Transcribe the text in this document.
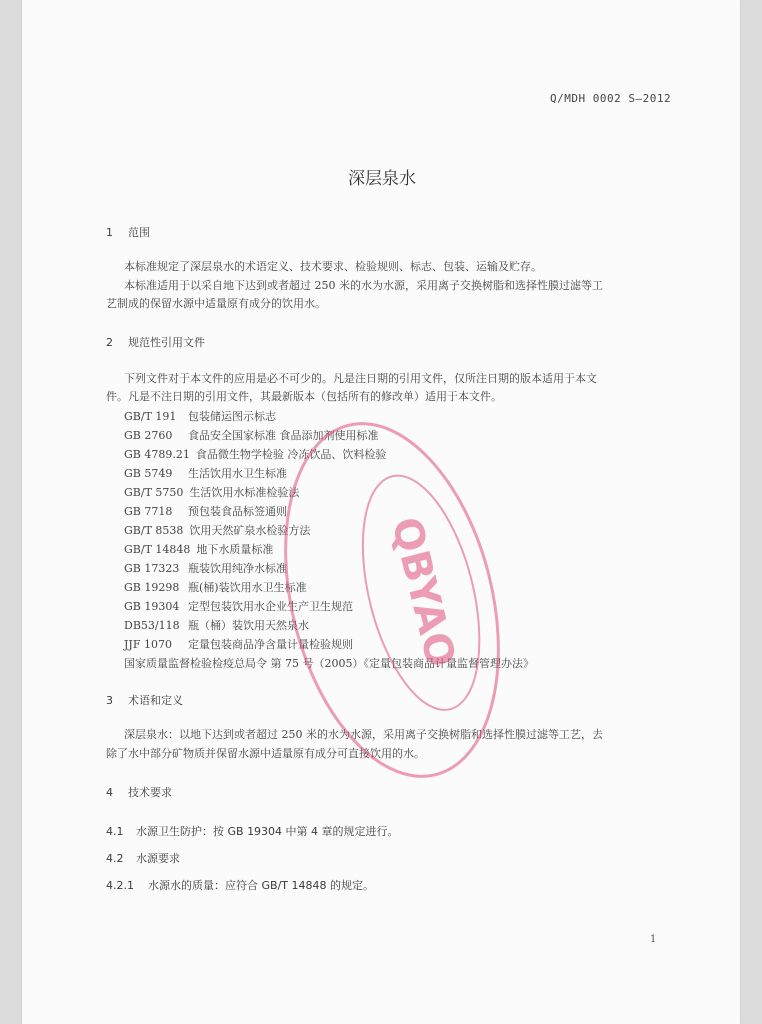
Q/MDH 0002 S—2012
深层泉水
1 范围
本标准规定了深层泉水的术语定义、技术要求、检验规则、标志、包装、运输及贮存。
本标准适用于以采自地下达到或者超过 250 米的水为水源，采用离子交换树脂和选择性膜过滤等工
艺制成的保留水源中适量原有成分的饮用水。
2 规范性引用文件
下列文件对于本文件的应用是必不可少的。凡是注日期的引用文件，仅所注日期的版本适用于本文
件。凡是不注日期的引用文件，其最新版本（包括所有的修改单）适用于本文件。
GB/T 191 包装储运图示标志
GB 2760 食品安全国家标准 食品添加剂使用标准
GB 4789.21 食品微生物学检验 冷冻饮品、饮料检验
GB 5749 生活饮用水卫生标准
GB/T 5750 生活饮用水标准检验法
GB 7718 预包装食品标签通则
GB/T 8538 饮用天然矿泉水检验方法
GB/T 14848 地下水质量标准
GB 17323 瓶装饮用纯净水标准
GB 19298 瓶(桶)装饮用水卫生标准
GB 19304 定型包装饮用水企业生产卫生规范
DB53/118 瓶（桶）装饮用天然泉水
JJF 1070 定量包装商品净含量计量检验规则
国家质量监督检验检疫总局令 第 75 号（2005）《定量包装商品计量监督管理办法》
3 术语和定义
深层泉水：以地下达到或者超过 250 米的水为水源，采用离子交换树脂和选择性膜过滤等工艺，去
除了水中部分矿物质并保留水源中适量原有成分可直接饮用的水。
4 技术要求
4.1 水源卫生防护：按 GB 19304 中第 4 章的规定进行。
4.2 水源要求
4.2.1 水源水的质量：应符合 GB/T 14848 的规定。
1
QBYAO
